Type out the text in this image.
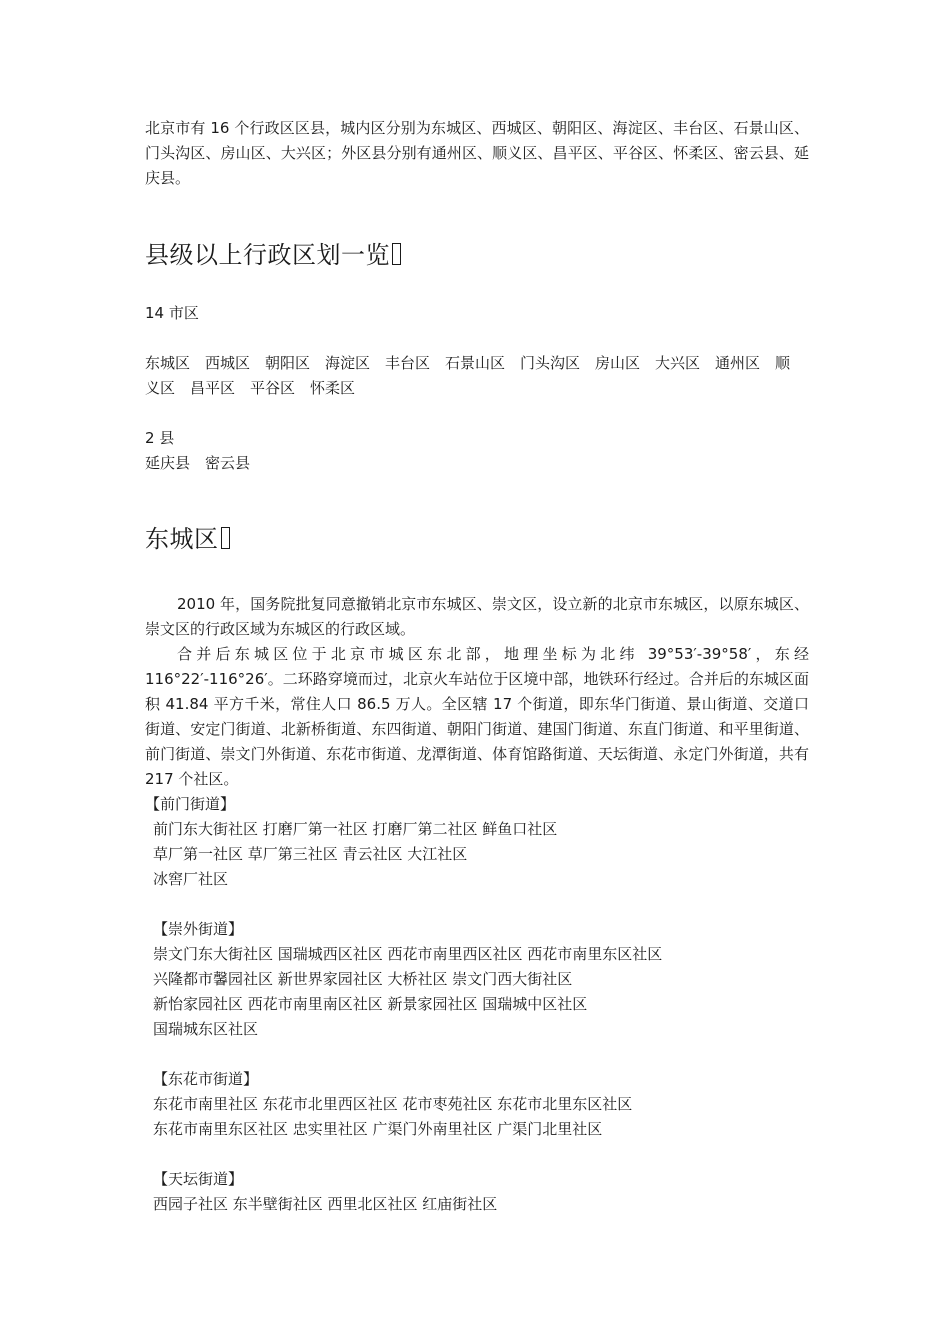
北京市有 16 个行政区区县，城内区分别为东城区、西城区、朝阳区、海淀区、丰台区、石景山区、门头沟区、房山区、大兴区；外区县分别有通州区、顺义区、昌平区、平谷区、怀柔区、密云县、延庆县。

县级以上行政区划一览

14 市区

东城区　西城区　朝阳区　海淀区　丰台区　石景山区　门头沟区　房山区　大兴区　通州区　顺

义区　昌平区　平谷区　怀柔区

2 县

延庆县　密云县

东城区

2010 年，国务院批复同意撤销北京市东城区、崇文区，设立新的北京市东城区，以原东城区、崇文区的行政区域为东城区的行政区域。

合并后东城区位于北京市城区东北部，地理坐标为北纬 39°53′-39°58′，东经 116°22′-116°26′。二环路穿境而过，北京火车站位于区境中部，地铁环行经过。合并后的东城区面积 41.84 平方千米，常住人口 86.5 万人。全区辖 17 个街道，即东华门街道、景山街道、交道口街道、安定门街道、北新桥街道、东四街道、朝阳门街道、建国门街道、东直门街道、和平里街道、前门街道、崇文门外街道、东花市街道、龙潭街道、体育馆路街道、天坛街道、永定门外街道，共有 217 个社区。

【前门街道】

前门东大街社区 打磨厂第一社区 打磨厂第二社区 鲜鱼口社区

草厂第一社区 草厂第三社区 青云社区 大江社区

冰窖厂社区

【崇外街道】

崇文门东大街社区 国瑞城西区社区 西花市南里西区社区 西花市南里东区社区

兴隆都市馨园社区 新世界家园社区 大桥社区 崇文门西大街社区

新怡家园社区 西花市南里南区社区 新景家园社区 国瑞城中区社区

国瑞城东区社区

【东花市街道】

东花市南里社区 东花市北里西区社区 花市枣苑社区 东花市北里东区社区

东花市南里东区社区 忠实里社区 广渠门外南里社区 广渠门北里社区

【天坛街道】

西园子社区 东半壁街社区 西里北区社区 红庙街社区
